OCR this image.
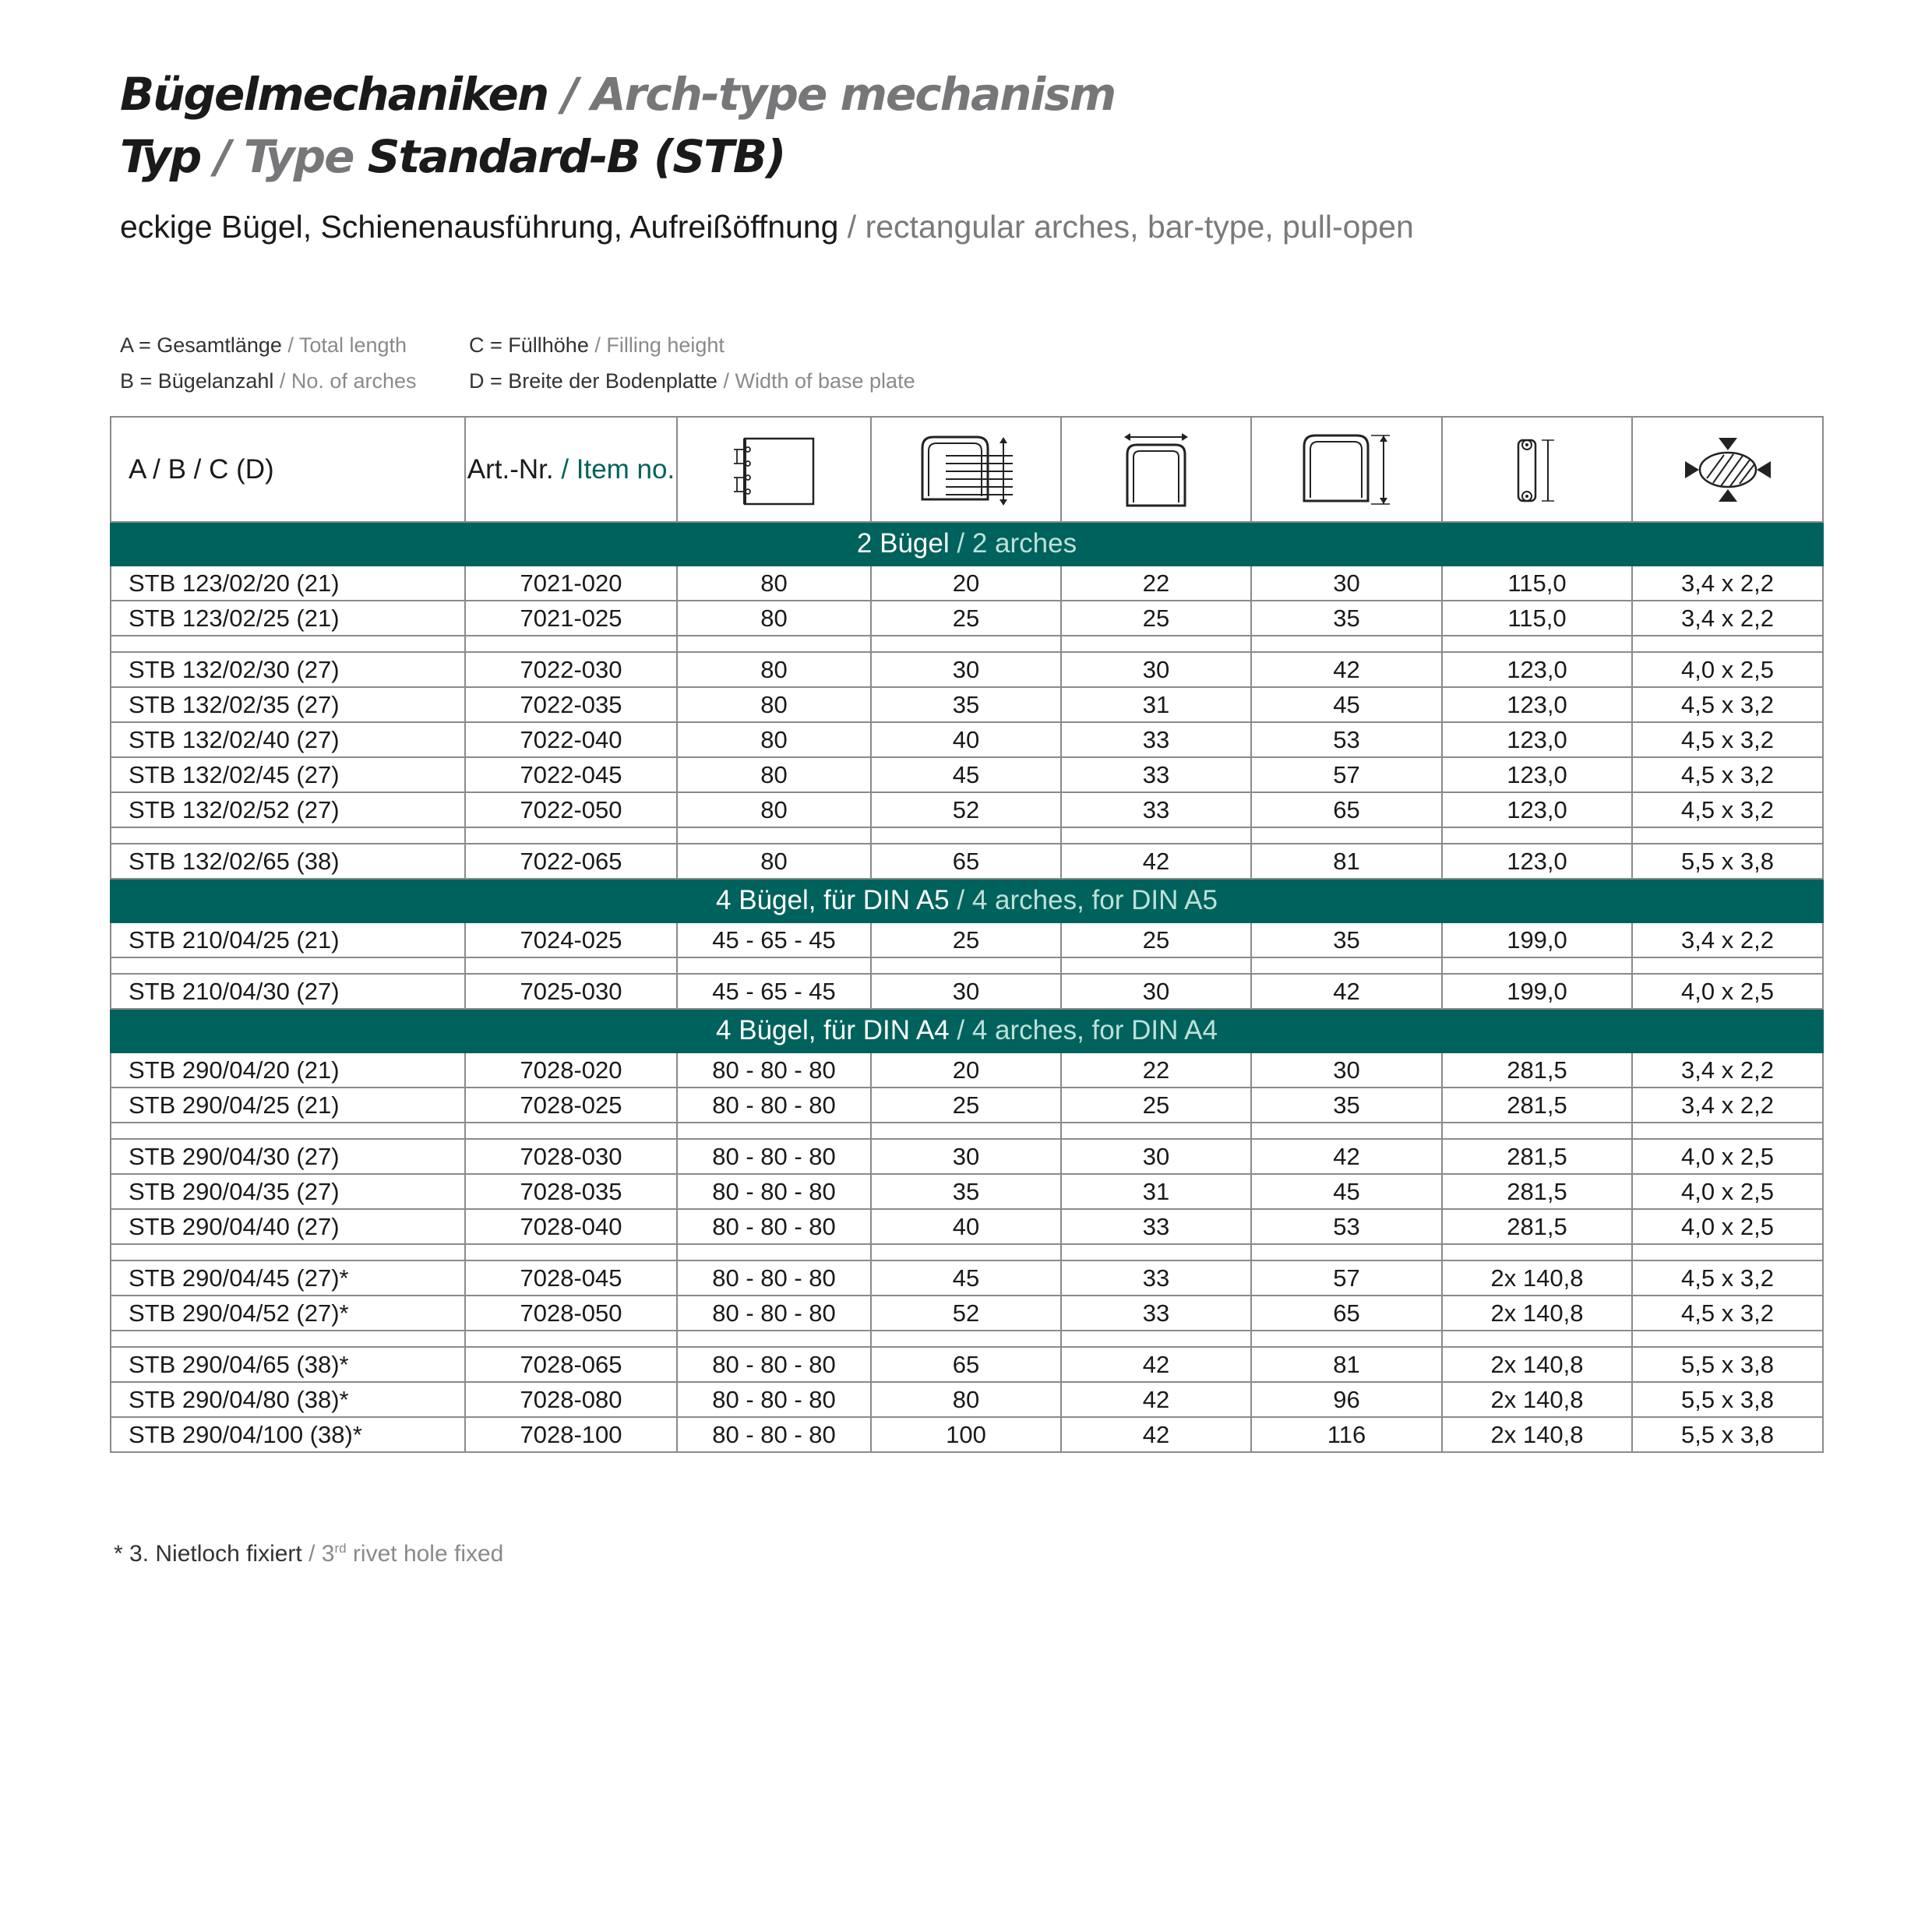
Bügelmechaniken / Arch-type mechanism
Typ / Type Standard-B (STB)
eckige Bügel, Schienenausführung, Aufreißöffnung / rectangular arches, bar-type, pull-open
A = Gesamtlänge / Total length
B = Bügelanzahl / No. of arches
C = Füllhöhe / Filling height
D = Breite der Bodenplatte / Width of base plate
A / B / C (D)	Art.-Nr. / Item no.	

2 Bügel / 2 arches							
STB 123/02/20 (21)	7021-020	80	20	22	30	115,0	3,4 x 2,2
STB 123/02/25 (21)	7021-025	80	25	25	35	115,0	3,4 x 2,2

STB 132/02/30 (27)	7022-030	80	30	30	42	123,0	4,0 x 2,5
STB 132/02/35 (27)	7022-035	80	35	31	45	123,0	4,5 x 3,2
STB 132/02/40 (27)	7022-040	80	40	33	53	123,0	4,5 x 3,2
STB 132/02/45 (27)	7022-045	80	45	33	57	123,0	4,5 x 3,2
STB 132/02/52 (27)	7022-050	80	52	33	65	123,0	4,5 x 3,2

STB 132/02/65 (38)	7022-065	80	65	42	81	123,0	5,5 x 3,8
4 Bügel, für DIN A5 / 4 arches, for DIN A5							
STB 210/04/25 (21)	7024-025	45 - 65 - 45	25	25	35	199,0	3,4 x 2,2

STB 210/04/30 (27)	7025-030	45 - 65 - 45	30	30	42	199,0	4,0 x 2,5
4 Bügel, für DIN A4 / 4 arches, for DIN A4							
STB 290/04/20 (21)	7028-020	80 - 80 - 80	20	22	30	281,5	3,4 x 2,2
STB 290/04/25 (21)	7028-025	80 - 80 - 80	25	25	35	281,5	3,4 x 2,2

STB 290/04/30 (27)	7028-030	80 - 80 - 80	30	30	42	281,5	4,0 x 2,5
STB 290/04/35 (27)	7028-035	80 - 80 - 80	35	31	45	281,5	4,0 x 2,5
STB 290/04/40 (27)	7028-040	80 - 80 - 80	40	33	53	281,5	4,0 x 2,5

STB 290/04/45 (27)*	7028-045	80 - 80 - 80	45	33	57	2x 140,8	4,5 x 3,2
STB 290/04/52 (27)*	7028-050	80 - 80 - 80	52	33	65	2x 140,8	4,5 x 3,2

STB 290/04/65 (38)*	7028-065	80 - 80 - 80	65	42	81	2x 140,8	5,5 x 3,8
STB 290/04/80 (38)*	7028-080	80 - 80 - 80	80	42	96	2x 140,8	5,5 x 3,8
STB 290/04/100 (38)*	7028-100	80 - 80 - 80	100	42	116	2x 140,8	5,5 x 3,8
* 3. Nietloch fixiert / 3rd rivet hole fixed
